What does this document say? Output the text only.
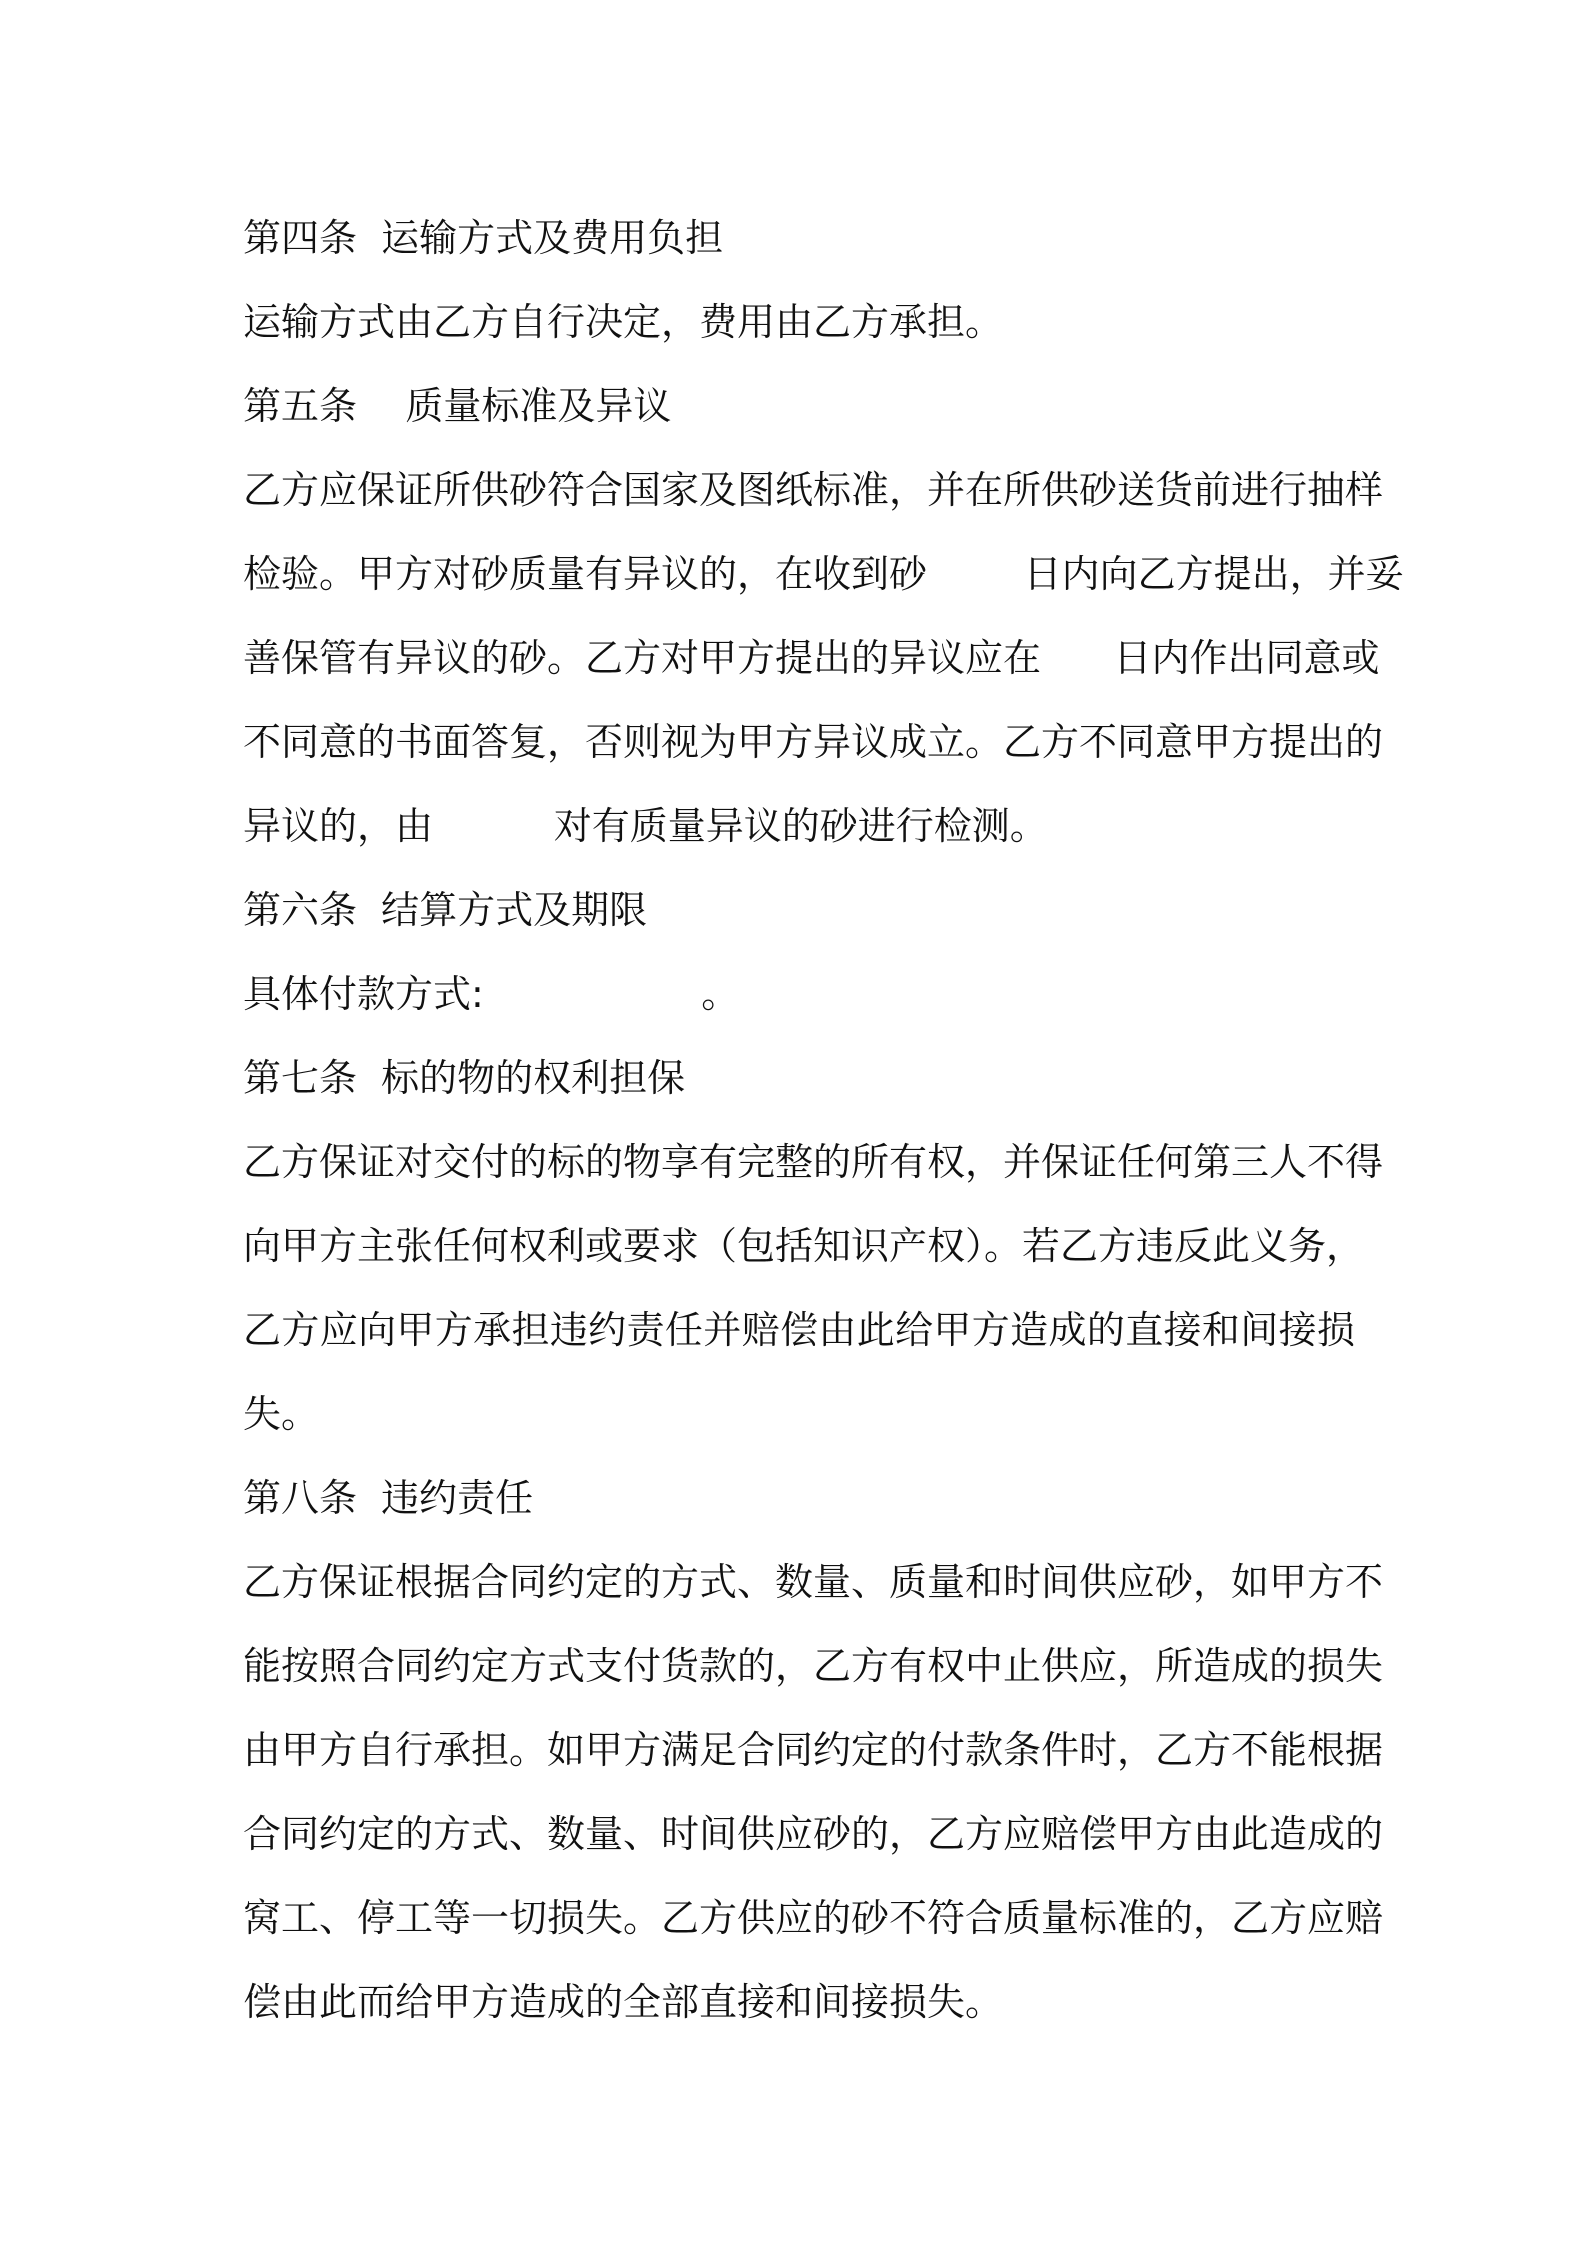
第四条  运输方式及费用负担
运输方式由乙方自行决定，费用由乙方承担。
第五条    质量标准及异议
乙方应保证所供砂符合国家及图纸标准，并在所供砂送货前进行抽样
检验。甲方对砂质量有异议的，在收到砂        日内向乙方提出，并妥
善保管有异议的砂。乙方对甲方提出的异议应在      日内作出同意或
不同意的书面答复，否则视为甲方异议成立。乙方不同意甲方提出的
异议的，由          对有质量异议的砂进行检测。
第六条  结算方式及期限
具体付款方式:                  。
第七条  标的物的权利担保
乙方保证对交付的标的物享有完整的所有权，并保证任何第三人不得
向甲方主张任何权利或要求（包括知识产权）。若乙方违反此义务，
乙方应向甲方承担违约责任并赔偿由此给甲方造成的直接和间接损
失。
第八条  违约责任
乙方保证根据合同约定的方式、数量、质量和时间供应砂，如甲方不
能按照合同约定方式支付货款的，乙方有权中止供应，所造成的损失
由甲方自行承担。如甲方满足合同约定的付款条件时，乙方不能根据
合同约定的方式、数量、时间供应砂的，乙方应赔偿甲方由此造成的
窝工、停工等一切损失。乙方供应的砂不符合质量标准的，乙方应赔
偿由此而给甲方造成的全部直接和间接损失。
